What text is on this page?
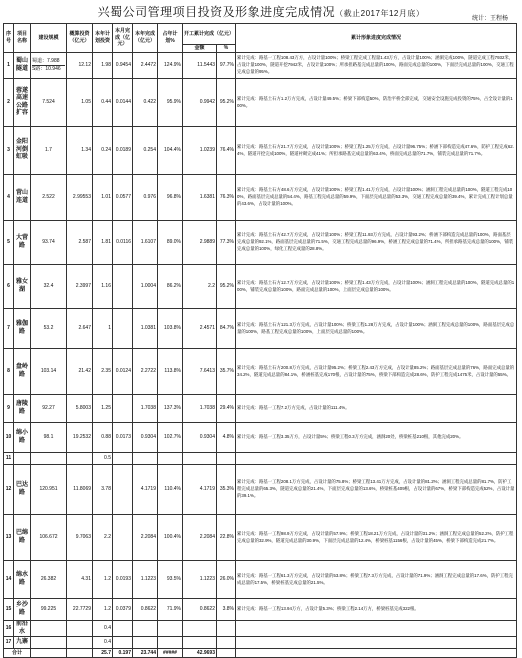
兴蜀公司管理项目投资及形象进度完成情况（截止2017年12月底）
统计：王程杨
序号	项目名称	建设规模	概算投资（亿元）	本年计划投资	本月完成（亿元）	本年完成（亿元）	占年计划%	开工累计完成（亿元）		累计形象进度完成情况
								金额	%	
1	蜀山隧道	蜀道：7.988
S路：10.946	12.12	1.98	0.9454	2.4472	124.9%	11.5443	97.7%	累计完成：路基一工程108.43万方，占设计量100%；桥梁工程完成工程量1.43万方，占设计量100%；涵洞完成100%，隧道完成工程7932米，占设计量100%，隧道开挖7942米，占设计量100%；所承担路基完成总量的100%，路面完成总量的100%，下面层完成总量的100%，交通工程完成总量的95%。
2	蓉遂高速公路扩容	7.524	1.05	0.44	0.0144	0.422	95.9%	0.9942	95.2%	累计完成：路基土石方1.2万方完成，占设计量49.5%；桥梁下部构造50%，防治平桥全部完成，交通安全设施完成投资的75%，占全设计量的100%。
3	金阳河倒虹吸	1.7	1.34	0.24	0.0189	0.254	104.4%	1.0239	76.4%	累计完成：路基土石方21.7万方完成，占设计量100%；桥梁工程1.25万方完成，占设计量96.75%；桥涵下部构造完成47.6%，防护工程完成62.4%，隧道开挖完成100%，隧道衬砌完成41%；所担承路基完成总量的63.4%，桥面完成总量的71.7%，铺装完成总量的71.7%。
4	营山连道	2.522	2.99553	1.01	0.0577	0.976	96.8%	1.6381	76.3%	累计完成：路基土石方48.6万方完成，占设计量100%；桥梁工程1.41万方完成，占设计量100%；涵洞工程完成总量的100%，隧道工程完成100%，路面基层完成总量的54.4%，路基工程完成总量的59.9%，下面层完成总量的53.3%，交通工程完成总量的39.4%，累计完成工程计划总量的43.6%，占设计量的100%。
5	大营路	93.74	2.587	1.81	0.0116	1.6107	89.0%	2.9889	77.3%	累计完成：路基土石方42.7万方完成，占设计量100%；桥梁工程11.93万方完成，占设计量93.2%；桥涵下部构造完成总量的100%，路面基层完成总量的92.1%，路面基层完成总量的71.5%，交通工程完成总量的96.9%，桥涵工程完成总量的71.4%，所担承路基完成总量的100%，铺装完成总量的100%，绿化工程完成量的28.8%。
6	雅女湖	32.4	2.3997	1.16		1.0004	86.2%	2.2	95.2%	累计完成：路基土石方12.7万方完成，占设计量100%；桥梁工程1.43万方完成，占设计量100%；涵洞工程完成总量的100%，隧道完成总量的100%，铺装完成总量的100%，路面完成总量的100%，上面层完成总量的100%。
7	雅伽路	53.2	2.647	1		1.0381	103.8%	2.4571	84.7%	累计完成：路基土石方121.3万方完成，占设计量100%；桥梁工程1.28万方完成，占设计量100%；涵洞工程完成总量的100%，路面基层完成总量的100%，路基工程完成总量的100%，上面层完成总量的100%。
8	盘岭路	103.14	21.42	2.35	0.0124	2.2722	113.8%	7.6413	35.7%	累计完成：路基土石方200.8万方完成，占设计量95.2%；桥梁工程2.43万方完成，占设计量85.2%；路面基层完成总量的76%，路面完成总量的34.2%，隧道完成总量的84.1%，桥涵桩基完成170根，占设计量的75%，桥梁下部构造完成28.6%，防护工程完成1475米，占设计量的55%。
9	唐陵路	92.27	5.8003	1.25		1.7038	137.3%	1.7038	29.4%	累计完成：路基一工程7.2万方完成，占设计量的111.4%。
10	绵小路	98.1	19.2532	0.88	0.0173	0.9304	102.7%	0.9304	4.8%	累计完成：路基一工程3.35万方，占设计量5%；桥梁工程0.3万方完成，涵洞20处，桥梁桩基210根，其他完成20%。
11				0.5						
12	巴达路	120.951	11.8069	3.78		4.1719	110.4%	4.1719	35.3%	累计完成：路基一工程208.1万方完成，占设计量的75.8%；桥梁工程13.41万方完成，占设计量的81.2%；涵洞工程完成总量的81.7%，防护工程完成总量的65.3%，隧道完成总量的21.4%，下面层完成总量的13.6%，桥梁桩基409根，占设计量的67%，桥梁下部构造完成52%，占设计量的39.1%。
13	巴绵路	106.672	9.7063	2.2		2.2084	100.4%	2.2084	22.8%	累计完成：路基一工程98.9万方完成，占设计量的57.9%；桥梁工程18.21万方完成，占设计量的31.2%；涵洞工程完成总量的52.2%，防护工程完成总量的32.9%，隧道完成总量的30.9%，下面层完成总量的12.4%，桥梁桩基1156根，占设计量的45%，桥梁下部构造完成21.7%。
14	绵水路	26.382	4.31	1.2	0.0193	1.1223	93.5%	1.1223	26.0%	累计完成：路基一工程61.3万方完成，占设计量的53.8%；桥梁工程7.3万方完成，占设计量的71.9%；涵洞工程完成总量的17.6%，防护工程完成总量的17.5%，桥梁桩基完成总量的21.5%。
15	乡沙路	99.225	22.7729	1.2	0.0379	0.8622	71.9%	0.8622	3.8%	累计完成：路基一工程13.94万方，占设计量5.3%；桥梁工程2.14万方，桥梁桩基完成322根。
16	前沿水			0.4						
17	九寨			0.4						
合计				25.7	0.197	23.744	#####	42.9693		
